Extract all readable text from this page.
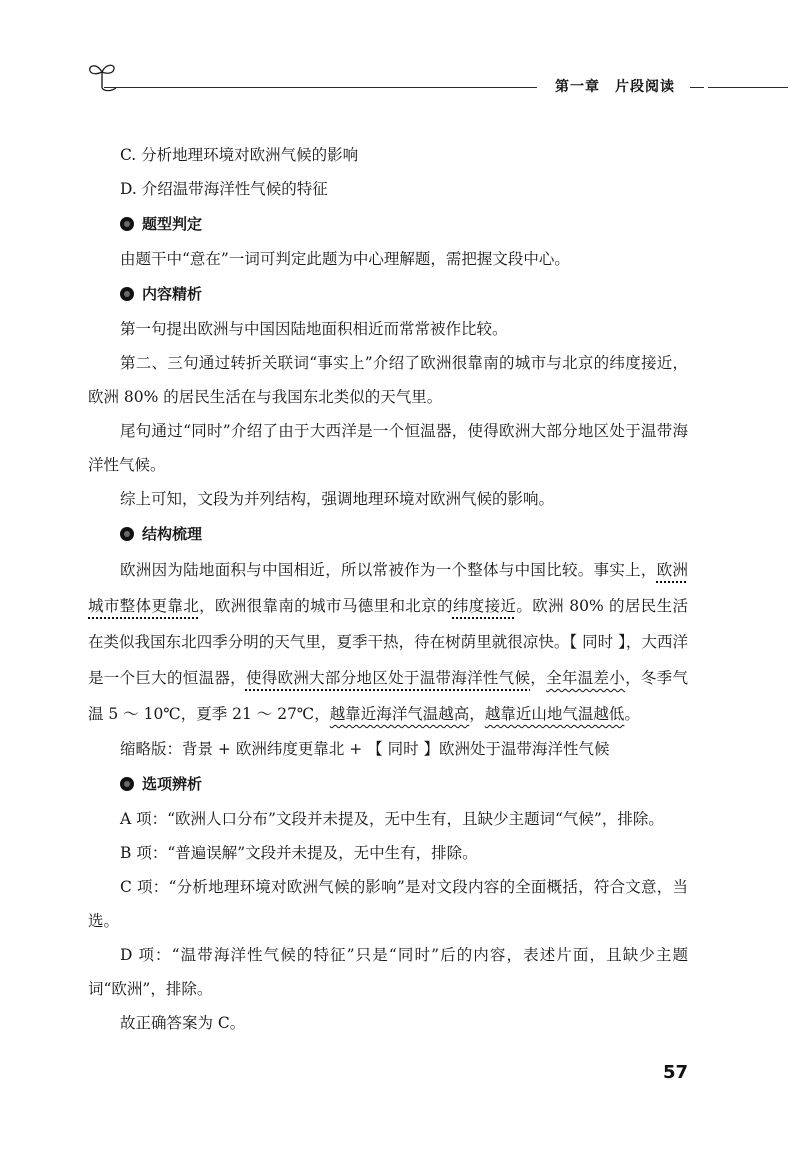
第一章　片段阅读

C. 分析地理环境对欧洲气候的影响

D. 介绍温带海洋性气候的特征

题型判定

由题干中“意在”一词可判定此题为中心理解题，需把握文段中心。

内容精析

第一句提出欧洲与中国因陆地面积相近而常常被作比较。

第二、三句通过转折关联词“事实上”介绍了欧洲很靠南的城市与北京的纬度接近，欧洲 80% 的居民生活在与我国东北类似的天气里。

尾句通过“同时”介绍了由于大西洋是一个恒温器，使得欧洲大部分地区处于温带海洋性气候。

综上可知，文段为并列结构，强调地理环境对欧洲气候的影响。

结构梳理

欧洲因为陆地面积与中国相近，所以常被作为一个整体与中国比较。事实上，欧洲城市整体更靠北，欧洲很靠南的城市马德里和北京的纬度接近。欧洲 80% 的居民生活在类似我国东北四季分明的天气里，夏季干热，待在树荫里就很凉快。【 同时 】，大西洋是一个巨大的恒温器，使得欧洲大部分地区处于温带海洋性气候，全年温差小，冬季气温 5 ～ 10℃，夏季 21 ～ 27℃，越靠近海洋气温越高，越靠近山地气温越低。

缩略版：背景 + 欧洲纬度更靠北 + 【 同时 】欧洲处于温带海洋性气候

选项辨析

A 项：“欧洲人口分布”文段并未提及，无中生有，且缺少主题词“气候”，排除。

B 项：“普遍误解”文段并未提及，无中生有，排除。

C 项：“分析地理环境对欧洲气候的影响”是对文段内容的全面概括，符合文意，当选。

D 项：“温带海洋性气候的特征”只是“同时”后的内容，表述片面，且缺少主题词“欧洲”，排除。

故正确答案为 C。

57
